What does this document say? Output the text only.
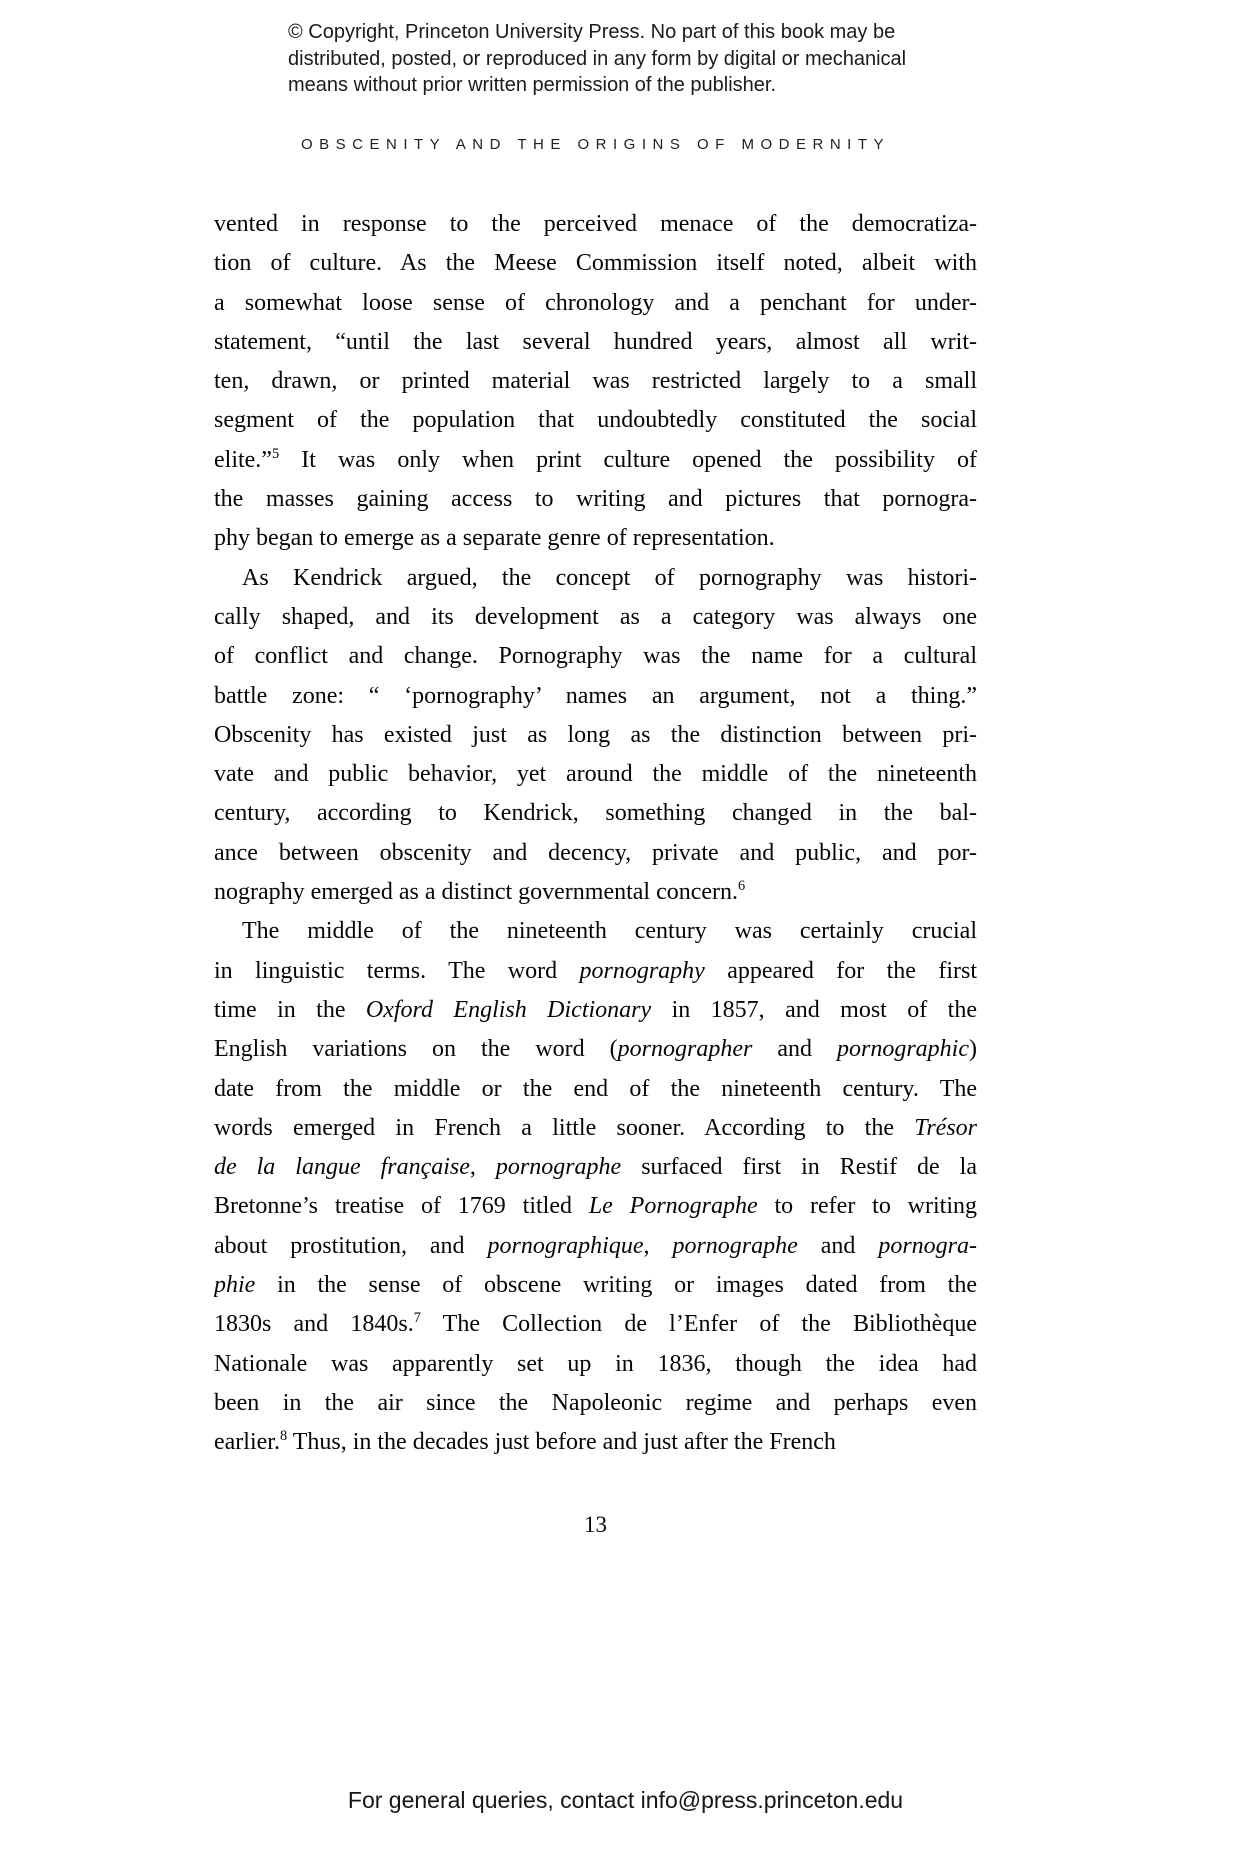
© Copyright, Princeton University Press. No part of this book may be
distributed, posted, or reproduced in any form by digital or mechanical
means without prior written permission of the publisher.
OBSCENITY AND THE ORIGINS OF MODERNITY
vented in response to the perceived menace of the democratiza-
tion of culture. As the Meese Commission itself noted, albeit with
a somewhat loose sense of chronology and a penchant for under-
statement, “until the last several hundred years, almost all writ-
ten, drawn, or printed material was restricted largely to a small
segment of the population that undoubtedly constituted the social
elite.”$^5$ It was only when print culture opened the possibility of
the masses gaining access to writing and pictures that pornogra-
phy began to emerge as a separate genre of representation.
As Kendrick argued, the concept of pornography was histori-
cally shaped, and its development as a category was always one
of conflict and change. Pornography was the name for a cultural
battle zone: “ ‘pornography’ names an argument, not a thing.”
Obscenity has existed just as long as the distinction between pri-
vate and public behavior, yet around the middle of the nineteenth
century, according to Kendrick, something changed in the bal-
ance between obscenity and decency, private and public, and por-
nography emerged as a distinct governmental concern.$^6$
The middle of the nineteenth century was certainly crucial
in linguistic terms. The word pornography appeared for the first
time in the Oxford English Dictionary in 1857, and most of the
English variations on the word (pornographer and pornographic)
date from the middle or the end of the nineteenth century. The
words emerged in French a little sooner. According to the Trésor
de la langue française, pornographe surfaced first in Restif de la
Bretonne’s treatise of 1769 titled Le Pornographe to refer to writing
about prostitution, and pornographique, pornographe and pornogra-
phie in the sense of obscene writing or images dated from the
1830s and 1840s.$^7$ The Collection de l’Enfer of the Bibliothèque
Nationale was apparently set up in 1836, though the idea had
been in the air since the Napoleonic regime and perhaps even
earlier.$^8$ Thus, in the decades just before and just after the French
13
For general queries, contact info@press.princeton.edu
